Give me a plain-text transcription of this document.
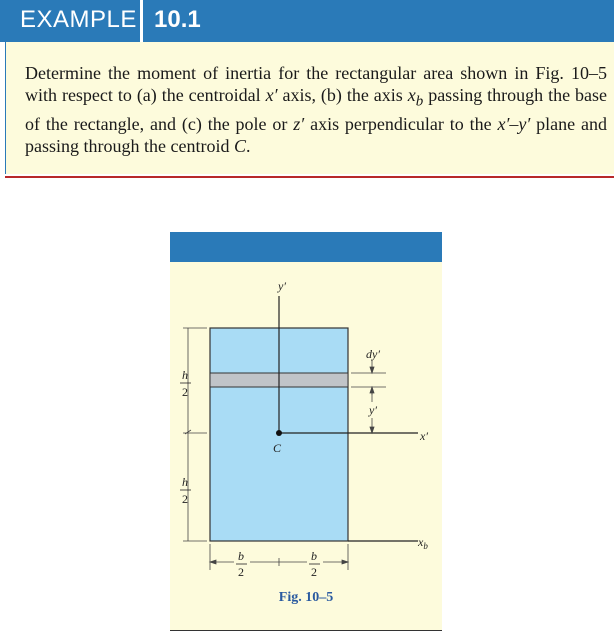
EXAMPLE 10.1
Determine the moment of inertia for the rectangular area shown in Fig. 10–5 with respect to (a) the centroidal x′ axis, (b) the axis $x_b$ passing through the base of the rectangle, and (c) the pole or z′ axis perpendicular to the x′–y′ plane and passing through the centroid C.
y′
x′
C
$x_b$
h
2
h
2
b
2
b
2
dy′
y′
Fig. 10–5
